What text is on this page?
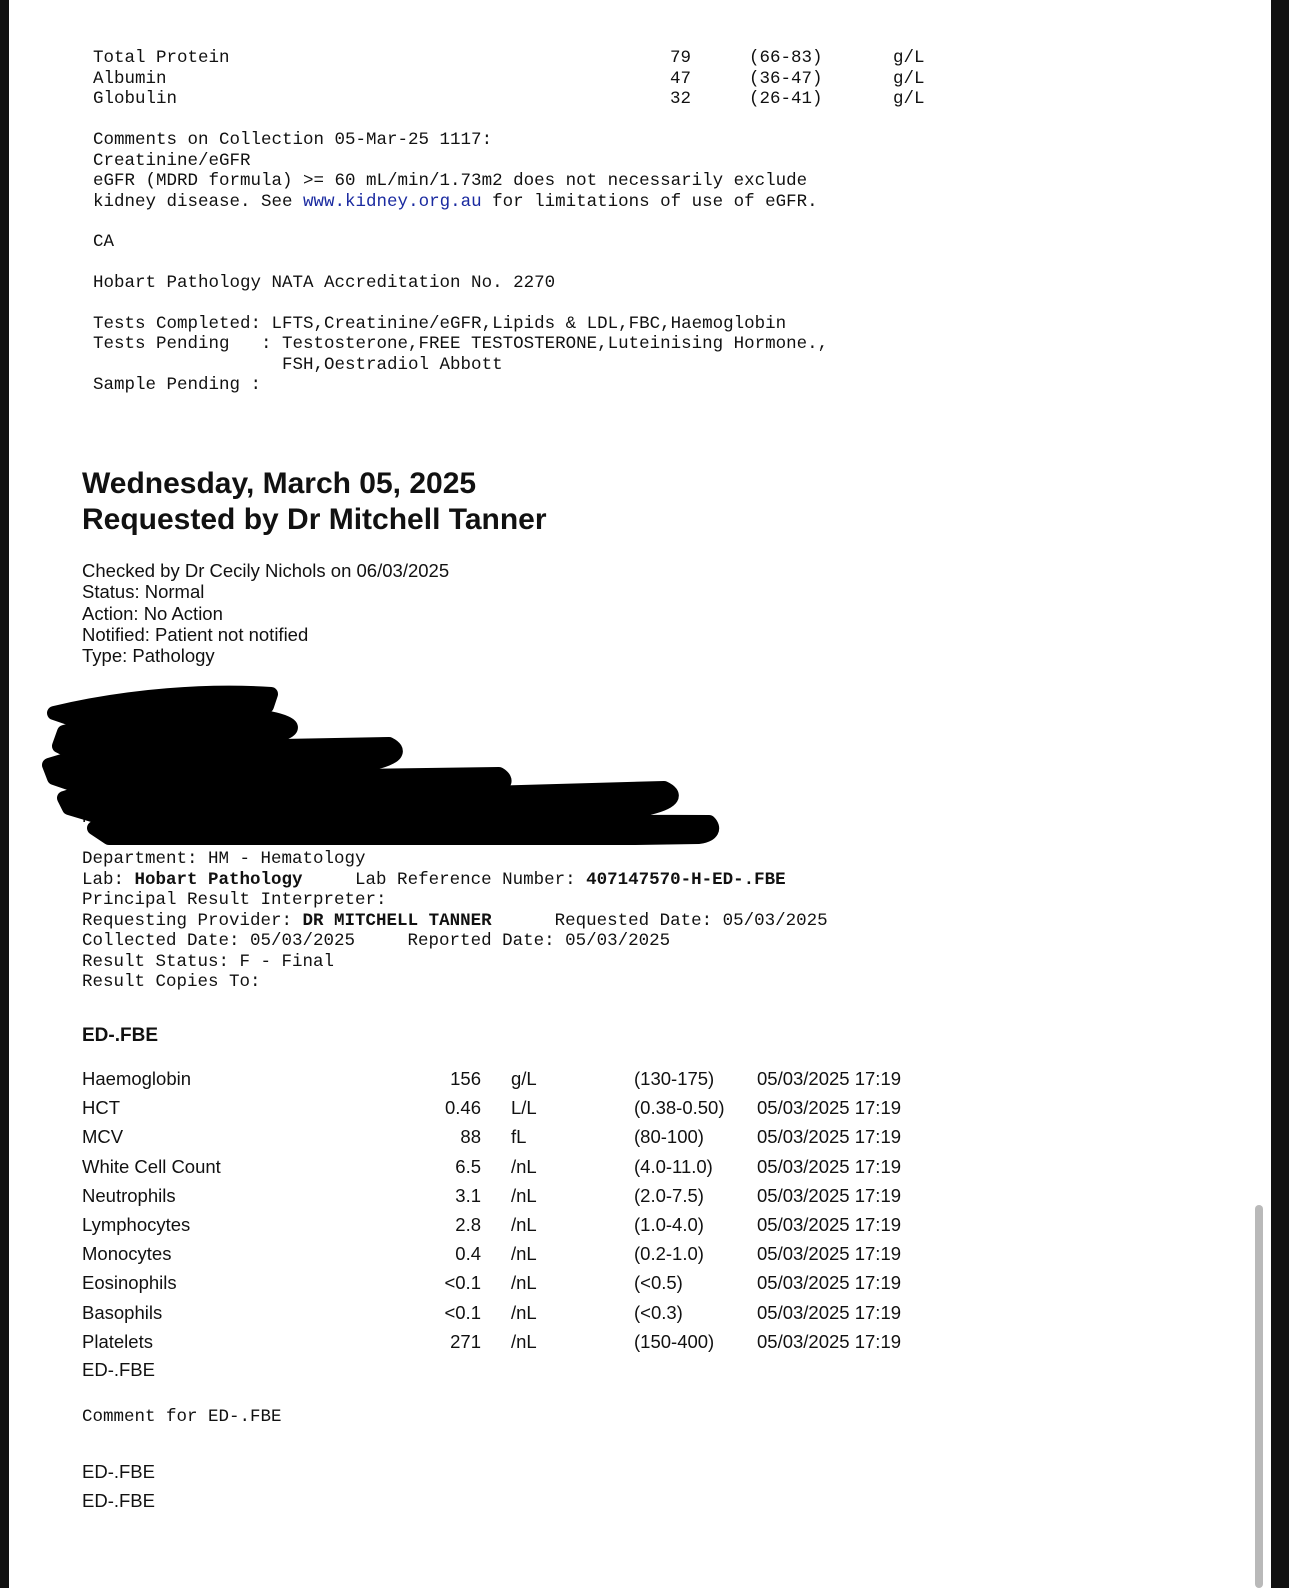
Total Protein	79	(66-83)	g/L
Albumin	47	(36-47)	g/L
Globulin	32	(26-41)	g/L
Comments on Collection 05-Mar-25 1117:
Creatinine/eGFR
eGFR (MDRD formula) >= 60 mL/min/1.73m2 does not necessarily exclude
kidney disease. See www.kidney.org.au for limitations of use of eGFR.
CA
Hobart Pathology NATA Accreditation No. 2270
Tests Completed: LFTS,Creatinine/eGFR,Lipids & LDL,FBC,Haemoglobin
Tests Pending   : Testosterone,FREE TESTOSTERONE,Luteinising Hormone.,
FSH,Oestradiol Abbott
Sample Pending :
Wednesday, March 05, 2025
Requested by Dr Mitchell Tanner
Checked by Dr Cecily Nichols on 06/03/2025
Status: Normal
Action: No Action
Notified: Patient not notified
Type: Pathology
Department: HM - Hematology
Lab: Hobart Pathology     Lab Reference Number: 407147570-H-ED-.FBE
Principal Result Interpreter:
Requesting Provider: DR MITCHELL TANNER      Requested Date: 05/03/2025
Collected Date: 05/03/2025     Reported Date: 05/03/2025
Result Status: F - Final
Result Copies To:
ED-.FBE
Haemoglobin	156 g/L	(130-175) 05/03/2025 17:19
HCT	0.46 L/L	(0.38-0.50) 05/03/2025 17:19
MCV	88 fL	(80-100)	05/03/2025 17:19
White Cell Count	6.5 /nL	(4.0-11.0) 05/03/2025 17:19
Neutrophils	3.1 /nL	(2.0-7.5)	05/03/2025 17:19
Lymphocytes	2.8 /nL	(1.0-4.0)	05/03/2025 17:19
Monocytes	0.4 /nL	(0.2-1.0)	05/03/2025 17:19
Eosinophils	<0.1 /nL	(<0.5)	05/03/2025 17:19
Basophils	<0.1 /nL	(<0.3)	05/03/2025 17:19
Platelets	271 /nL	(150-400) 05/03/2025 17:19
ED-.FBE
Comment for ED-.FBE
ED-.FBE
ED-.FBE
